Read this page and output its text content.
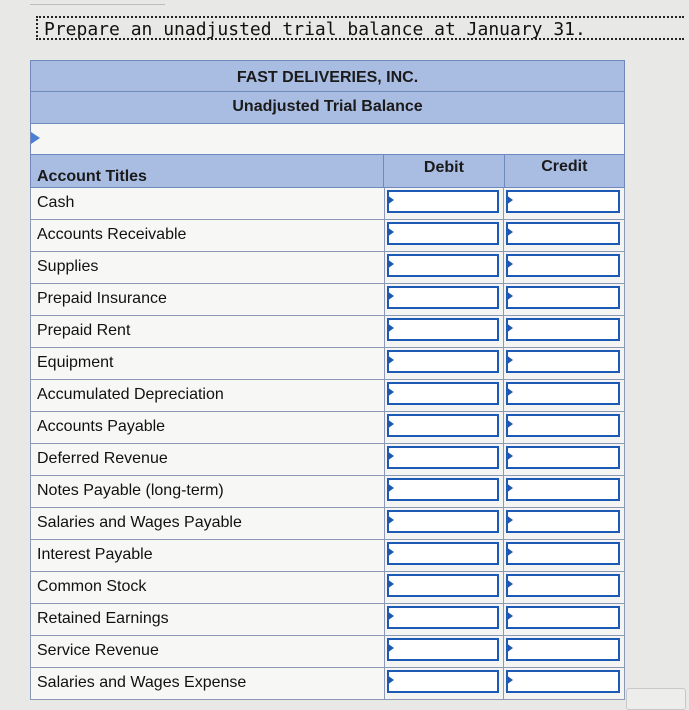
Prepare an unadjusted trial balance at January 31.
FAST DELIVERIES, INC.
Unadjusted Trial Balance
Account Titles
Debit	Credit
Cash
Accounts Receivable
Supplies
Prepaid Insurance
Prepaid Rent
Equipment
Accumulated Depreciation
Accounts Payable
Deferred Revenue
Notes Payable (long-term)
Salaries and Wages Payable
Interest Payable
Common Stock
Retained Earnings
Service Revenue
Salaries and Wages Expense
